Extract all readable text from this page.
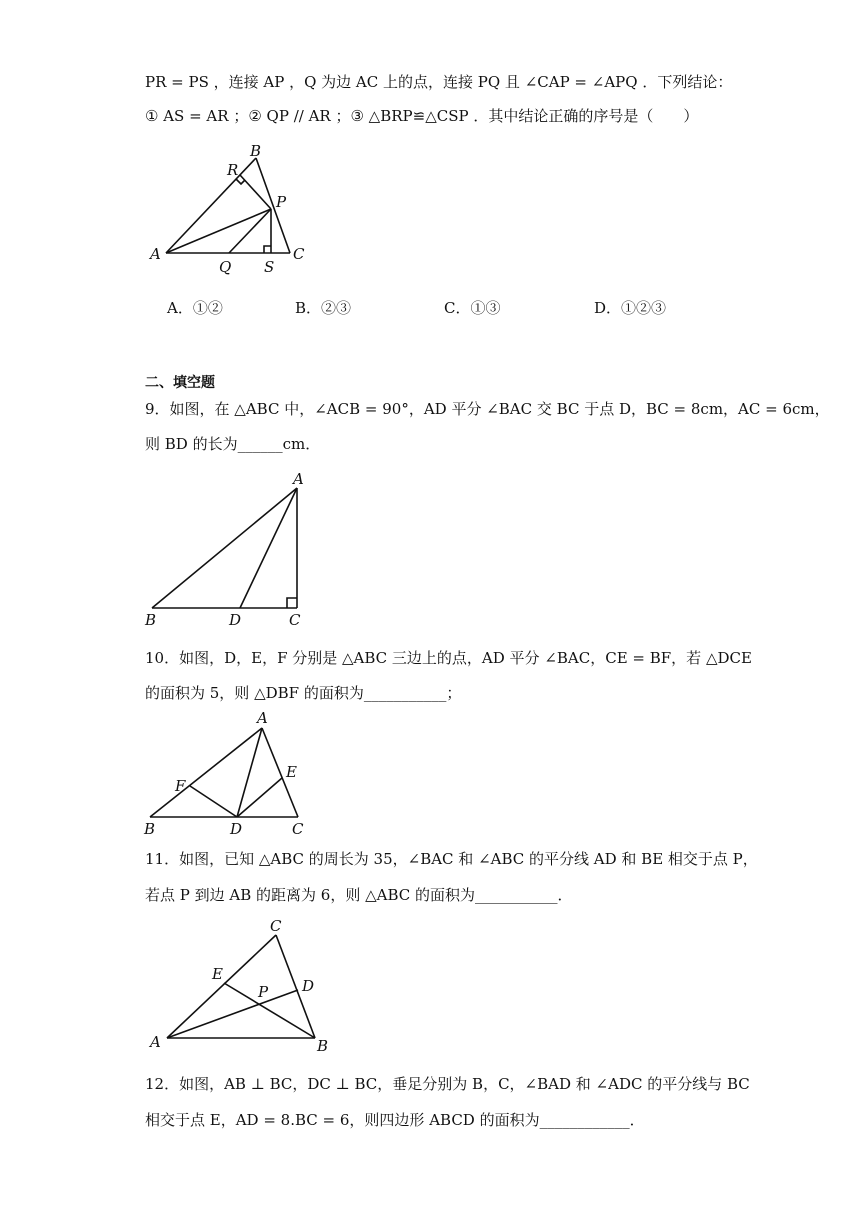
PR = PS ，连接 AP ，Q 为边 AC 上的点，连接 PQ 且 ∠CAP = ∠APQ ．下列结论：
① AS = AR ；② QP // AR ；③ △BRP≌△CSP ．其中结论正确的序号是（　　）
A
B
C
R
P
Q S
A．①②	B．②③	C．①③	D．①②③
二、填空题
9．如图，在 △ABC 中，∠ACB = 90°，AD 平分 ∠BAC 交 BC 于点 D，BC = 8cm，AC = 6cm，
则 BD 的长为______cm．
A
B	C
D
10．如图，D，E，F 分别是 △ABC 三边上的点，AD 平分 ∠BAC，CE = BF，若 △DCE
的面积为 5，则 △DBF 的面积为___________；
A
B	C
D
E
F
11．如图，已知 △ABC 的周长为 35，∠BAC 和 ∠ABC 的平分线 AD 和 BE 相交于点 P，
若点 P 到边 AB 的距离为 6，则 △ABC 的面积为___________．
A	B
C
D
E
P
12．如图，AB ⊥ BC，DC ⊥ BC，垂足分别为 B，C，∠BAD 和 ∠ADC 的平分线与 BC
相交于点 E，AD = 8.BC = 6，则四边形 ABCD 的面积为____________．
